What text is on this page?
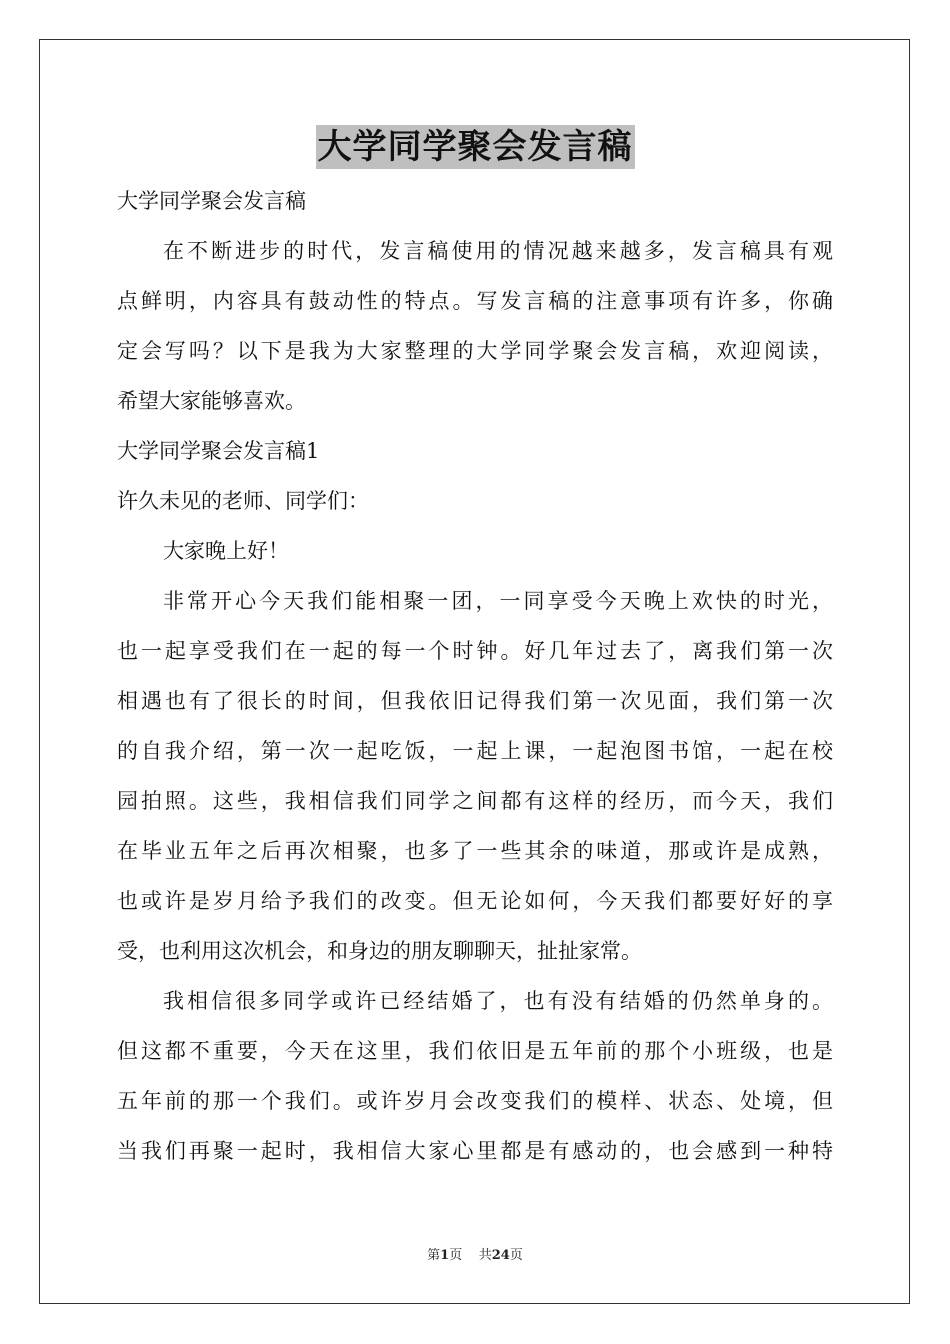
大学同学聚会发言稿
大学同学聚会发言稿
在不断进步的时代，发言稿使用的情况越来越多，发言稿具有观
点鲜明，内容具有鼓动性的特点。写发言稿的注意事项有许多，你确
定会写吗？以下是我为大家整理的大学同学聚会发言稿，欢迎阅读，
希望大家能够喜欢。
大学同学聚会发言稿1
许久未见的老师、同学们：
大家晚上好！
非常开心今天我们能相聚一团，一同享受今天晚上欢快的时光，
也一起享受我们在一起的每一个时钟。好几年过去了，离我们第一次
相遇也有了很长的时间，但我依旧记得我们第一次见面，我们第一次
的自我介绍，第一次一起吃饭，一起上课，一起泡图书馆，一起在校
园拍照。这些，我相信我们同学之间都有这样的经历，而今天，我们
在毕业五年之后再次相聚，也多了一些其余的味道，那或许是成熟，
也或许是岁月给予我们的改变。但无论如何，今天我们都要好好的享
受，也利用这次机会，和身边的朋友聊聊天，扯扯家常。
我相信很多同学或许已经结婚了，也有没有结婚的仍然单身的。
但这都不重要，今天在这里，我们依旧是五年前的那个小班级，也是
五年前的那一个我们。或许岁月会改变我们的模样、状态、处境，但
当我们再聚一起时，我相信大家心里都是有感动的，也会感到一种特
第1页 共24页
